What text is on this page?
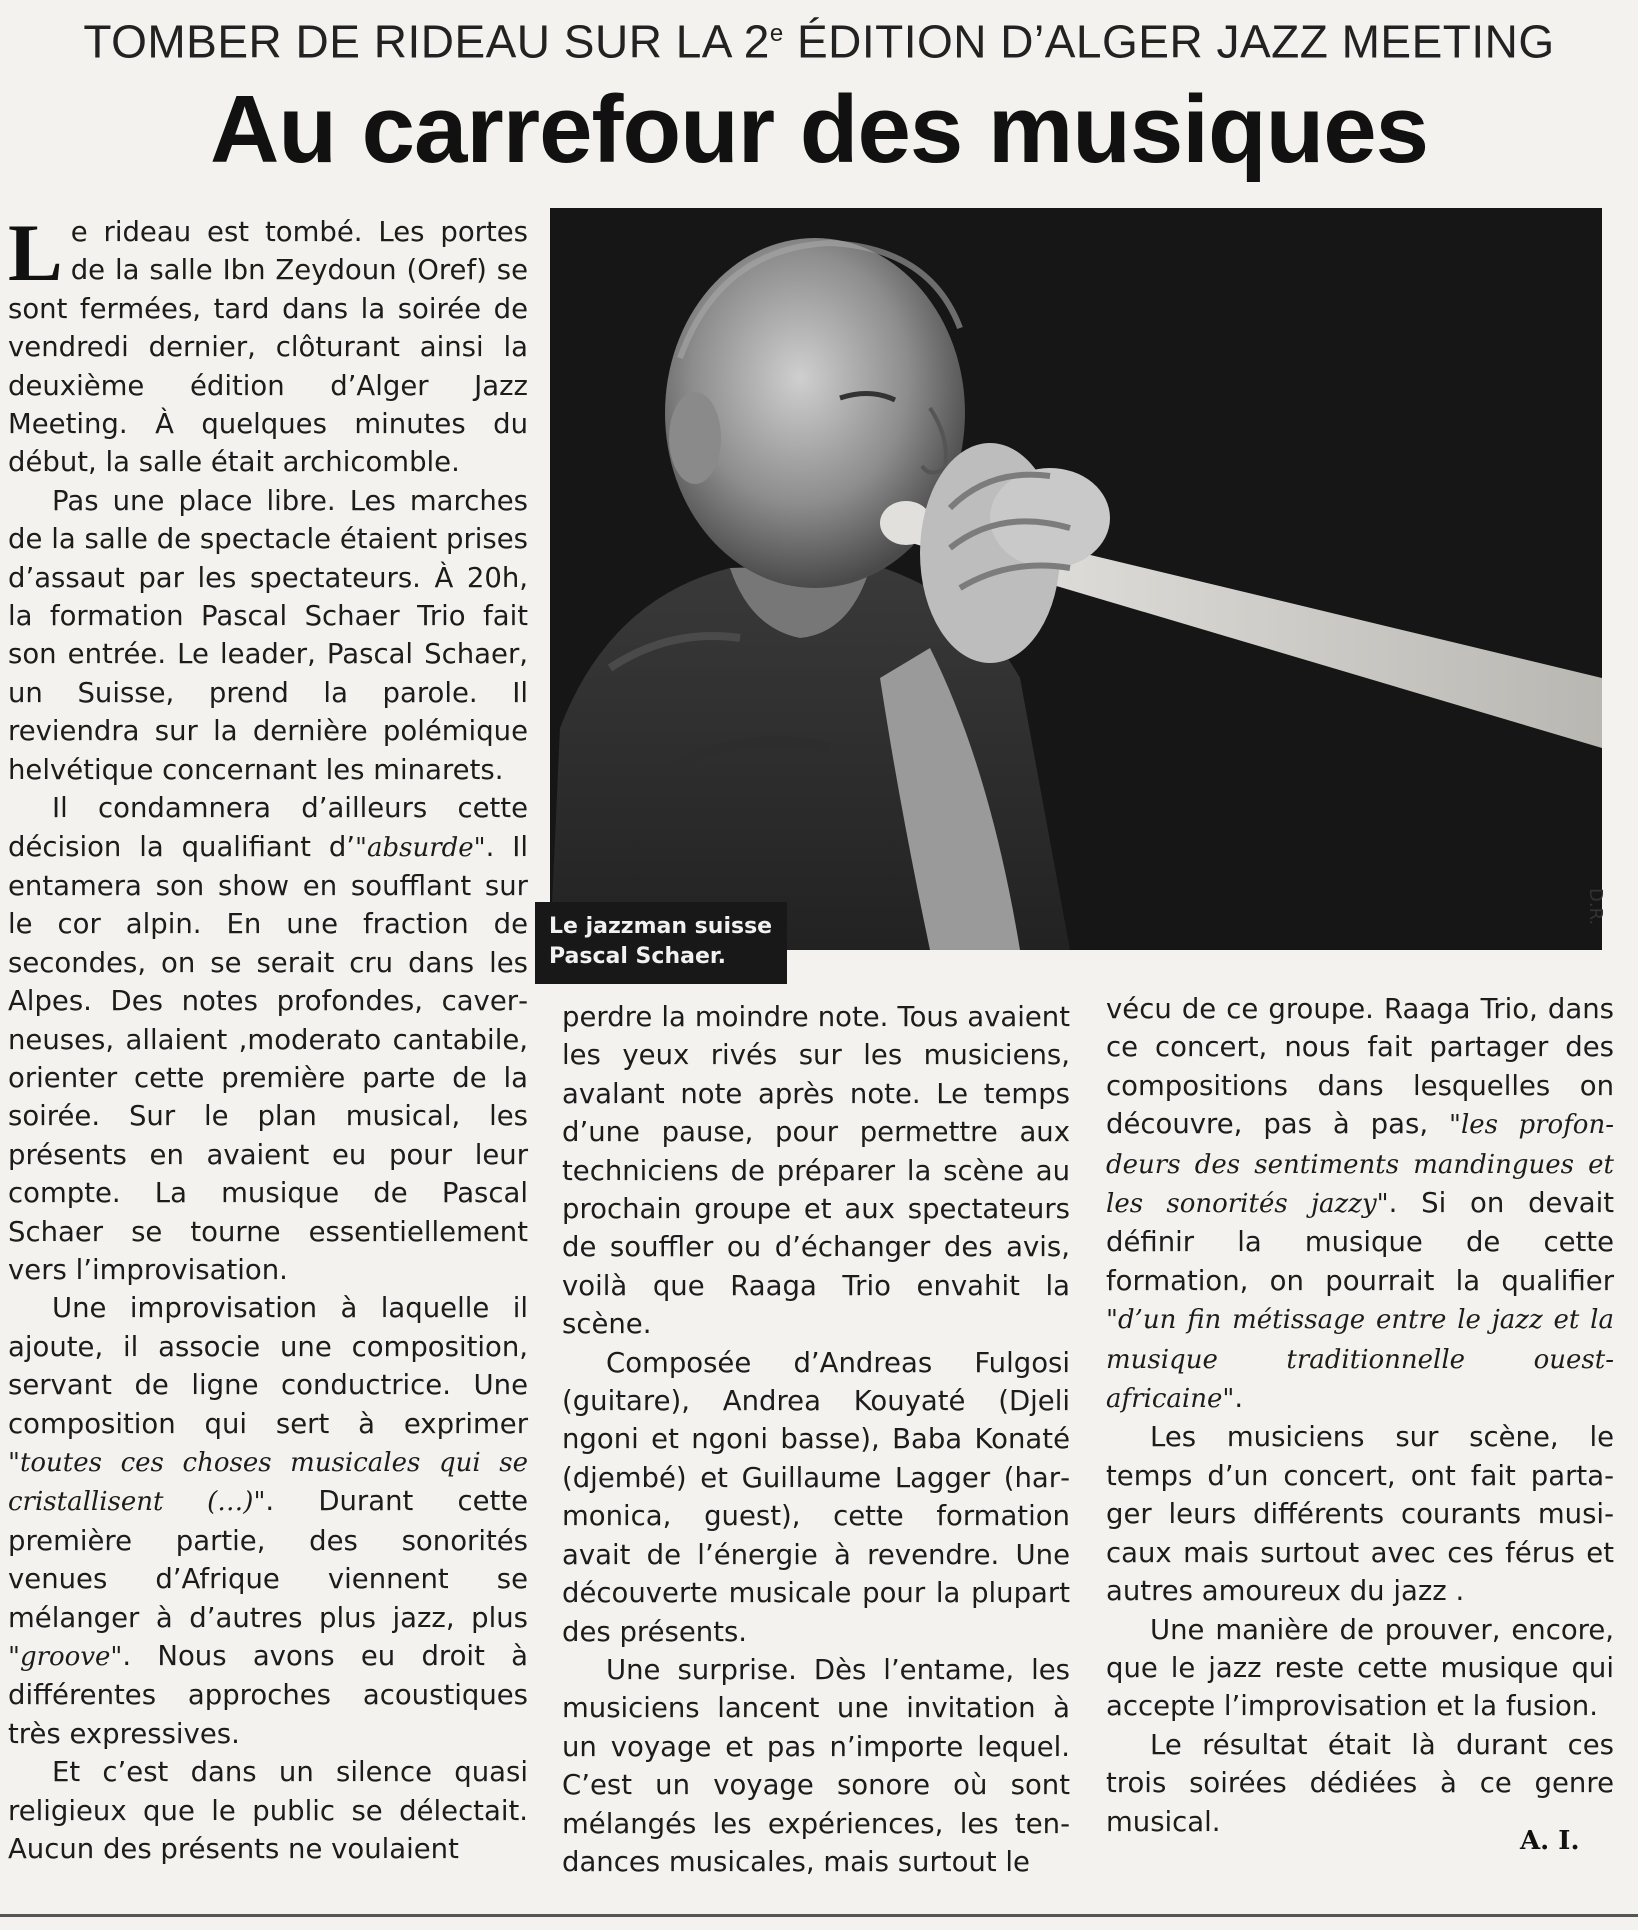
TOMBER DE RIDEAU SUR LA 2e ÉDITION D’ALGER JAZZ MEETING
Au carrefour des musiques

Le rideau est tombé. Les portes de la salle Ibn Zeydoun (Oref) se sont fermées, tard dans la soirée de vendredi dernier, clôturant ainsi la deuxième édition d’Alger Jazz Meeting. À quelques minutes du début, la salle était archicomble.

Pas une place libre. Les marches de la salle de spectacle étaient prises d’assaut par les spectateurs. À 20h, la formation Pascal Schaer Trio fait son entrée. Le leader, Pascal Schaer, un Suisse, prend la parole. Il reviendra sur la dernière polémique helvétique concernant les minarets.

Il condamnera d’ailleurs cette décision la qualifiant d’"absurde". Il entamera son show en soufflant sur le cor alpin. En une fraction de secondes, on se serait cru dans les Alpes. Des notes profondes, caverneuses, allaient ,moderato cantabile, orienter cette première parte de la soirée. Sur le plan musical, les présents en avaient eu pour leur compte. La musique de Pascal Schaer se tourne essentiellement vers l’improvisation.

Une improvisation à laquelle il ajoute, il associe une composition, servant de ligne conductrice. Une composition qui sert à exprimer "toutes ces choses musicales qui se cristallisent (…)". Durant cette première partie, des sonorités venues d’Afrique viennent se mélanger à d’autres plus jazz, plus "groove". Nous avons eu droit à différentes approches acoustiques très expressives.

Et c’est dans un silence quasi religieux que le public se délectait. Aucun des présents ne voulaient

Le jazzman suisse
Pascal Schaer.
D.R.

perdre la moindre note. Tous avaient les yeux rivés sur les musiciens, avalant note après note. Le temps d’une pause, pour permettre aux techniciens de préparer la scène au prochain groupe et aux spectateurs de souffler ou d’échanger des avis, voilà que Raaga Trio envahit la scène.

Composée d’Andreas Fulgosi (guitare), Andrea Kouyaté (Djeli ngoni et ngoni basse), Baba Konaté (djembé) et Guillaume Lagger (harmonica, guest), cette formation avait de l’énergie à revendre. Une découverte musicale pour la plupart des présents.

Une surprise. Dès l’entame, les musiciens lancent une invitation à un voyage et pas n’importe lequel. C’est un voyage sonore où sont mélangés les expériences, les tendances musicales, mais surtout le

vécu de ce groupe. Raaga Trio, dans ce concert, nous fait partager des compositions dans lesquelles on découvre, pas à pas, "les profondeurs des sentiments mandingues et les sonorités jazzy". Si on devait définir la musique de cette formation, on pourrait la qualifier "d’un fin métissage entre le jazz et la musique traditionnelle ouest-africaine".

Les musiciens sur scène, le temps d’un concert, ont fait partager leurs différents courants musicaux mais surtout avec ces férus et autres amoureux du jazz .

Une manière de prouver, encore, que le jazz reste cette musique qui accepte l’improvisation et la fusion.

Le résultat était là durant ces trois soirées dédiées à ce genre musical.

A. I.
